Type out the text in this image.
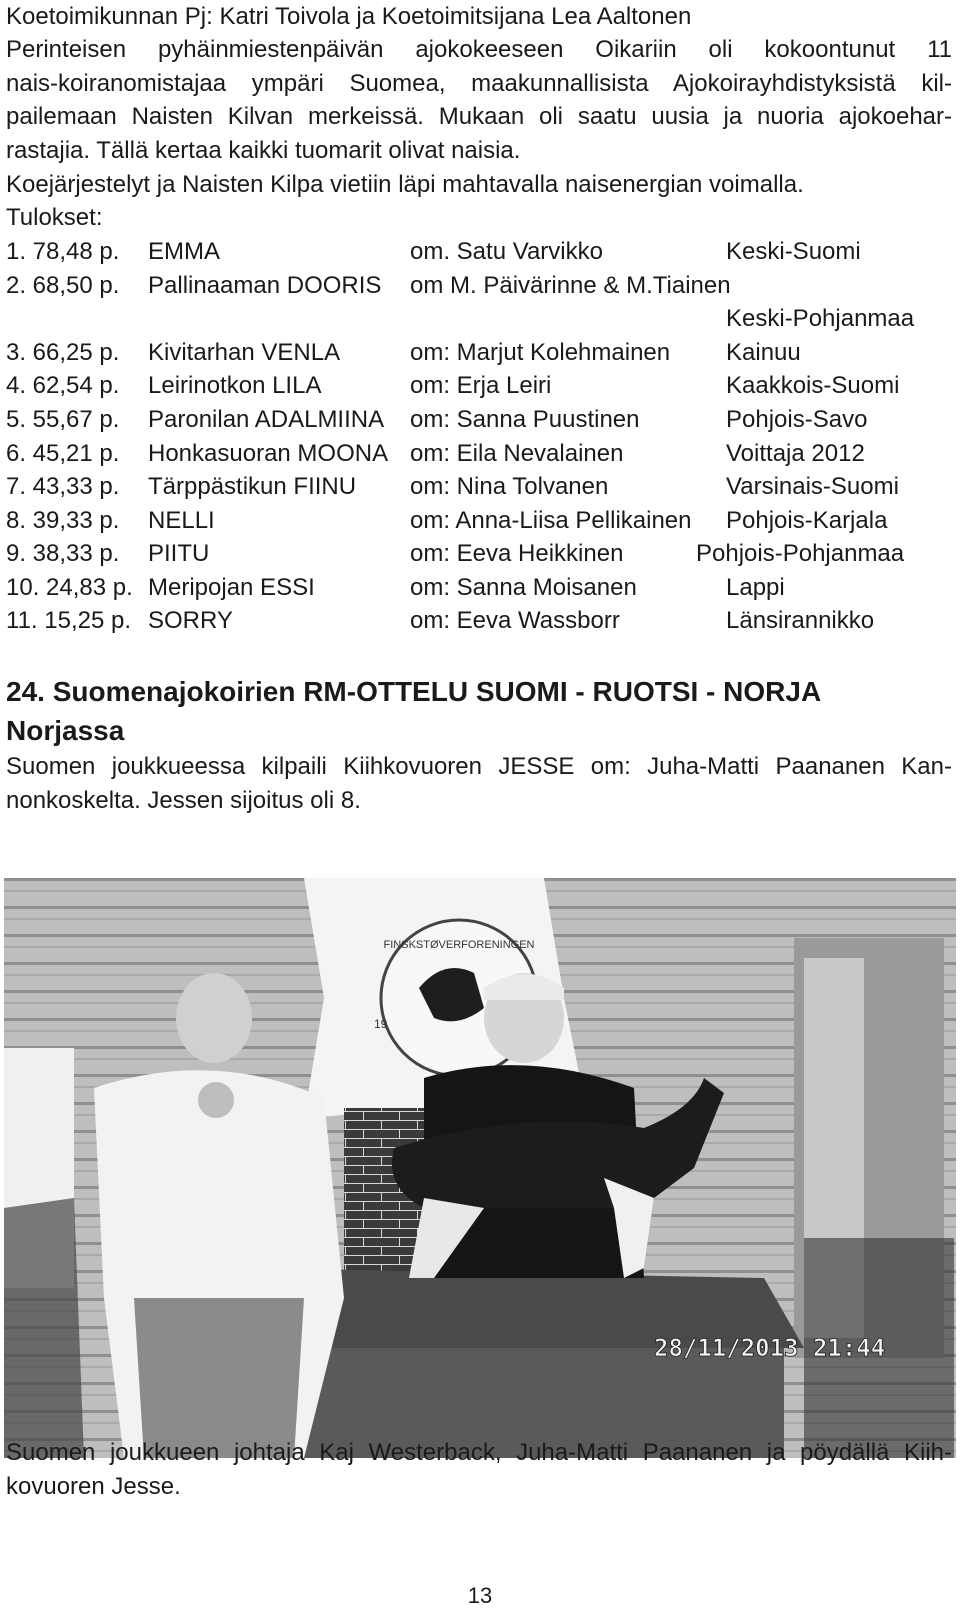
Koetoimikunnan Pj: Katri Toivola ja Koetoimitsijana Lea Aaltonen
Perinteisen pyhäinmiestenpäivän ajokokeeseen Oikariin oli kokoontunut 11
nais-koiranomistajaa ympäri Suomea, maakunnallisista Ajokoirayhdistyksistä kil-
pailemaan Naisten Kilvan merkeissä. Mukaan oli saatu uusia ja nuoria ajokoehar-
rastajia. Tällä kertaa kaikki tuomarit olivat naisia.
Koejärjestelyt ja Naisten Kilpa vietiin läpi mahtavalla naisenergian voimalla.
Tulokset:
1. 78,48 p. EMMA	om. Satu Varvikko	Keski-Suomi
2. 68,50 p. Pallinaaman DOORIS om M. Päivärinne & M.Tiainen
Keski-Pohjanmaa
3. 66,25 p. Kivitarhan VENLA	om: Marjut Kolehmainen Kainuu
4. 62,54 p. Leirinotkon LILA	om: Erja Leiri	Kaakkois-Suomi
5. 55,67 p. Paronilan ADALMIINA om: Sanna Puustinen	Pohjois-Savo
6. 45,21 p. Honkasuoran MOONA om: Eila Nevalainen	Voittaja 2012
7. 43,33 p. Tärppästikun FIINU om: Nina Tolvanen	Varsinais-Suomi
8. 39,33 p. NELLI	om: Anna-Liisa Pellikainen Pohjois-Karjala
9. 38,33 p. PIITU	om: Eeva Heikkinen	Pohjois-Pohjanmaa
10. 24,83 p. Meripojan ESSI	om: Sanna Moisanen	Lappi
11. 15,25 p. SORRY	om: Eeva Wassborr	Länsirannikko
24. Suomenajokoirien RM-OTTELU SUOMI - RUOTSI - NORJA
Norjassa
Suomen joukkueessa kilpaili Kiihkovuoren JESSE om: Juha-Matti Paananen Kan-
nonkoskelta. Jessen sijoitus oli 8.
FINSKSTØVERFORENINGEN
19
28/11/2013 21:44
Suomen joukkueen johtaja Kaj Westerback, Juha-Matti Paananen ja pöydällä Kiih-
kovuoren Jesse.
13
